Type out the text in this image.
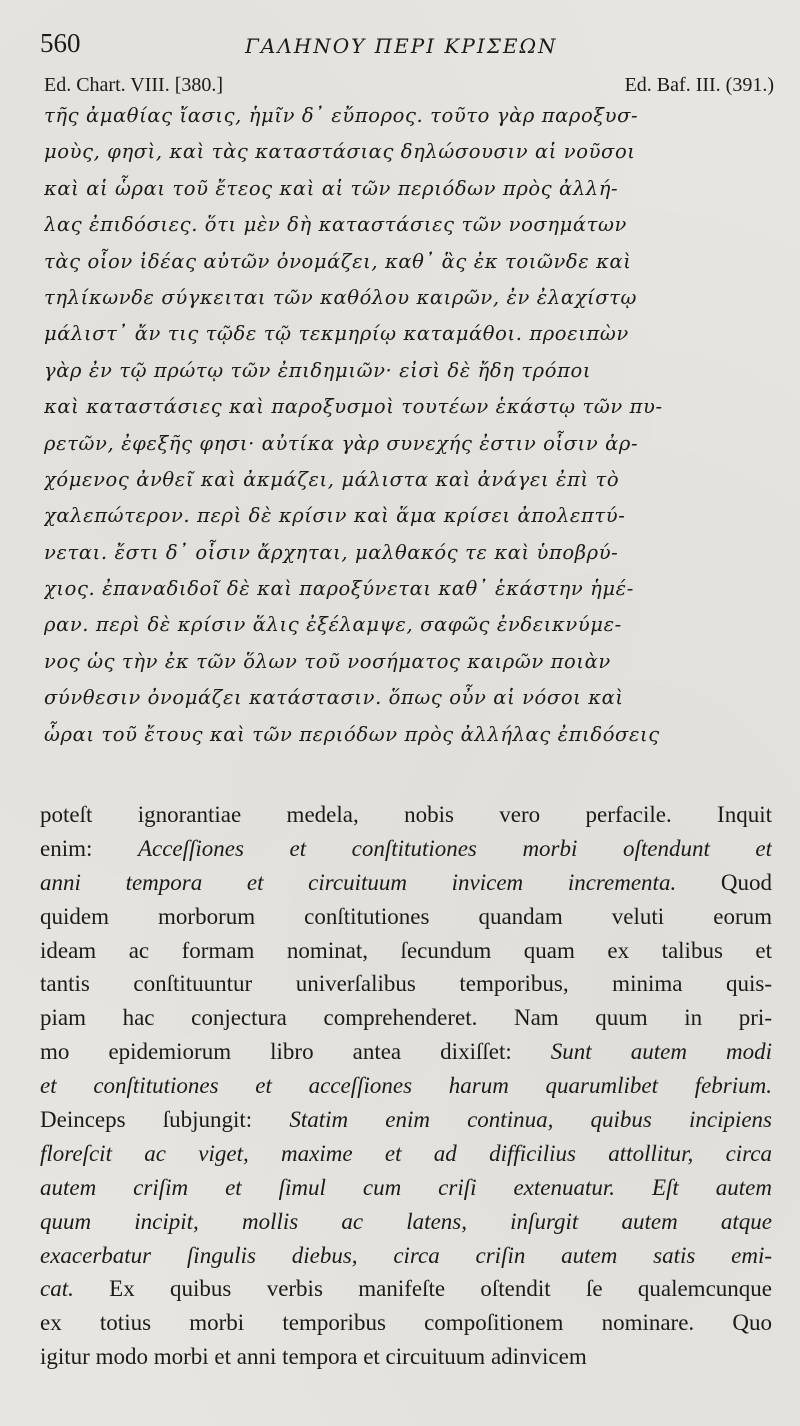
560	ΓΑΛΗΝΟΥ ΠΕΡΙ ΚΡΙΣΕΩΝ
Ed. Chart. VIII. [380.]	Ed. Baf. III. (391.)
τῆς ἀμαθίας ἴασις, ἡμῖν δ᾽ εὔπορος. τοῦτο γὰρ παροξυσ-
μοὺς, φησὶ, καὶ τὰς καταστάσιας δηλώσουσιν αἱ νοῦσοι
καὶ αἱ ὧραι τοῦ ἔτεος καὶ αἱ τῶν περιόδων πρὸς ἀλλή-
λας ἐπιδόσιες. ὅτι μὲν δὴ καταστάσιες τῶν νοσημάτων
τὰς οἷον ἰδέας αὐτῶν ὀνομάζει, καθ᾽ ἃς ἐκ τοιῶνδε καὶ
τηλίκωνδε σύγκειται τῶν καθόλου καιρῶν, ἐν ἐλαχίστῳ
μάλιστ᾽ ἄν τις τῷδε τῷ τεκμηρίῳ καταμάθοι. προειπὼν
γὰρ ἐν τῷ πρώτῳ τῶν ἐπιδημιῶν· εἰσὶ δὲ ἤδη τρόποι
καὶ καταστάσιες καὶ παροξυσμοὶ τουτέων ἑκάστῳ τῶν πυ-
ρετῶν, ἐφεξῆς φησι· αὐτίκα γὰρ συνεχής ἐστιν οἷσιν ἀρ-
χόμενος ἀνθεῖ καὶ ἀκμάζει, μάλιστα καὶ ἀνάγει ἐπὶ τὸ
χαλεπώτερον. περὶ δὲ κρίσιν καὶ ἅμα κρίσει ἀπολεπτύ-
νεται. ἔστι δ᾽ οἷσιν ἄρχηται, μαλθακός τε καὶ ὑποβρύ-
χιος. ἐπαναδιδοῖ δὲ καὶ παροξύνεται καθ᾽ ἑκάστην ἡμέ-
ραν. περὶ δὲ κρίσιν ἅλις ἐξέλαμψε, σαφῶς ἐνδεικνύμε-
νος ὡς τὴν ἐκ τῶν ὅλων τοῦ νοσήματος καιρῶν ποιὰν
σύνθεσιν ὀνομάζει κατάστασιν. ὅπως οὖν αἱ νόσοι καὶ
ὧραι τοῦ ἔτους καὶ τῶν περιόδων πρὸς ἀλλήλας ἐπιδόσεις
poteſt ignorantiae medela, nobis vero perfacile. Inquit
enim: Acceſſiones et conſtitutiones morbi oſtendunt et
anni tempora et circuituum invicem incrementa. Quod
quidem morborum conſtitutiones quandam veluti eorum
ideam ac formam nominat, ſecundum quam ex talibus et
tantis conſtituuntur univerſalibus temporibus, minima quis-
piam hac conjectura comprehenderet. Nam quum in pri-
mo epidemiorum libro antea dixiſſet: Sunt autem modi
et conſtitutiones et acceſſiones harum quarumlibet febrium.
Deinceps ſubjungit: Statim enim continua, quibus incipiens
floreſcit ac viget, maxime et ad difficilius attollitur, circa
autem criſim et ſimul cum criſi extenuatur. Eſt autem
quum incipit, mollis ac latens, inſurgit autem atque
exacerbatur ſingulis diebus, circa criſin autem satis emi-
cat. Ex quibus verbis manifeſte oſtendit ſe qualemcunque
ex totius morbi temporibus compoſitionem nominare. Quo
igitur modo morbi et anni tempora et circuituum adinvicem
